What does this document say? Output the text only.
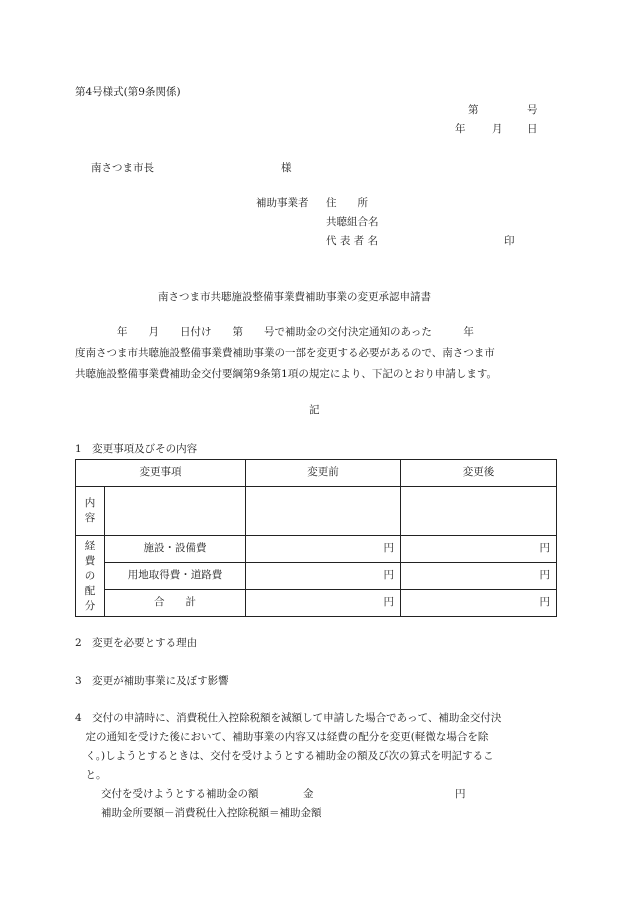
第4号様式(第9条関係)
第	号
年	月 日
南さつま市長	様
補助事業者 住　　所
共聴組合名
代 表 者 名	印
南さつま市共聴施設整備事業費補助事業の変更承認申請書
　　　　年　　月　　日付け　　第　　号で補助金の交付決定通知のあった　　　年
度南さつま市共聴施設整備事業費補助事業の一部を変更する必要があるので、南さつま市
共聴施設整備事業費補助金交付要綱第9条第1項の規定により、下記のとおり申請します。
記
1　変更事項及びその内容
変更事項		変更前	変更後

内
容			

経
費
の
配
分	施設・設備費	円	円
	用地取得費・道路費	円	円
	合　　計	円	円
2　変更を必要とする理由
3　変更が補助事業に及ぼす影響
4　交付の申請時に、消費税仕入控除税額を減額して申請した場合であって、補助金交付決
　定の通知を受けた後において、補助事業の内容又は経費の配分を変更(軽微な場合を除
　く。)しようとするときは、交付を受けようとする補助金の額及び次の算式を明記するこ
　と。
交付を受けようとする補助金の額	金	円
補助金所要額－消費税仕入控除税額＝補助金額
